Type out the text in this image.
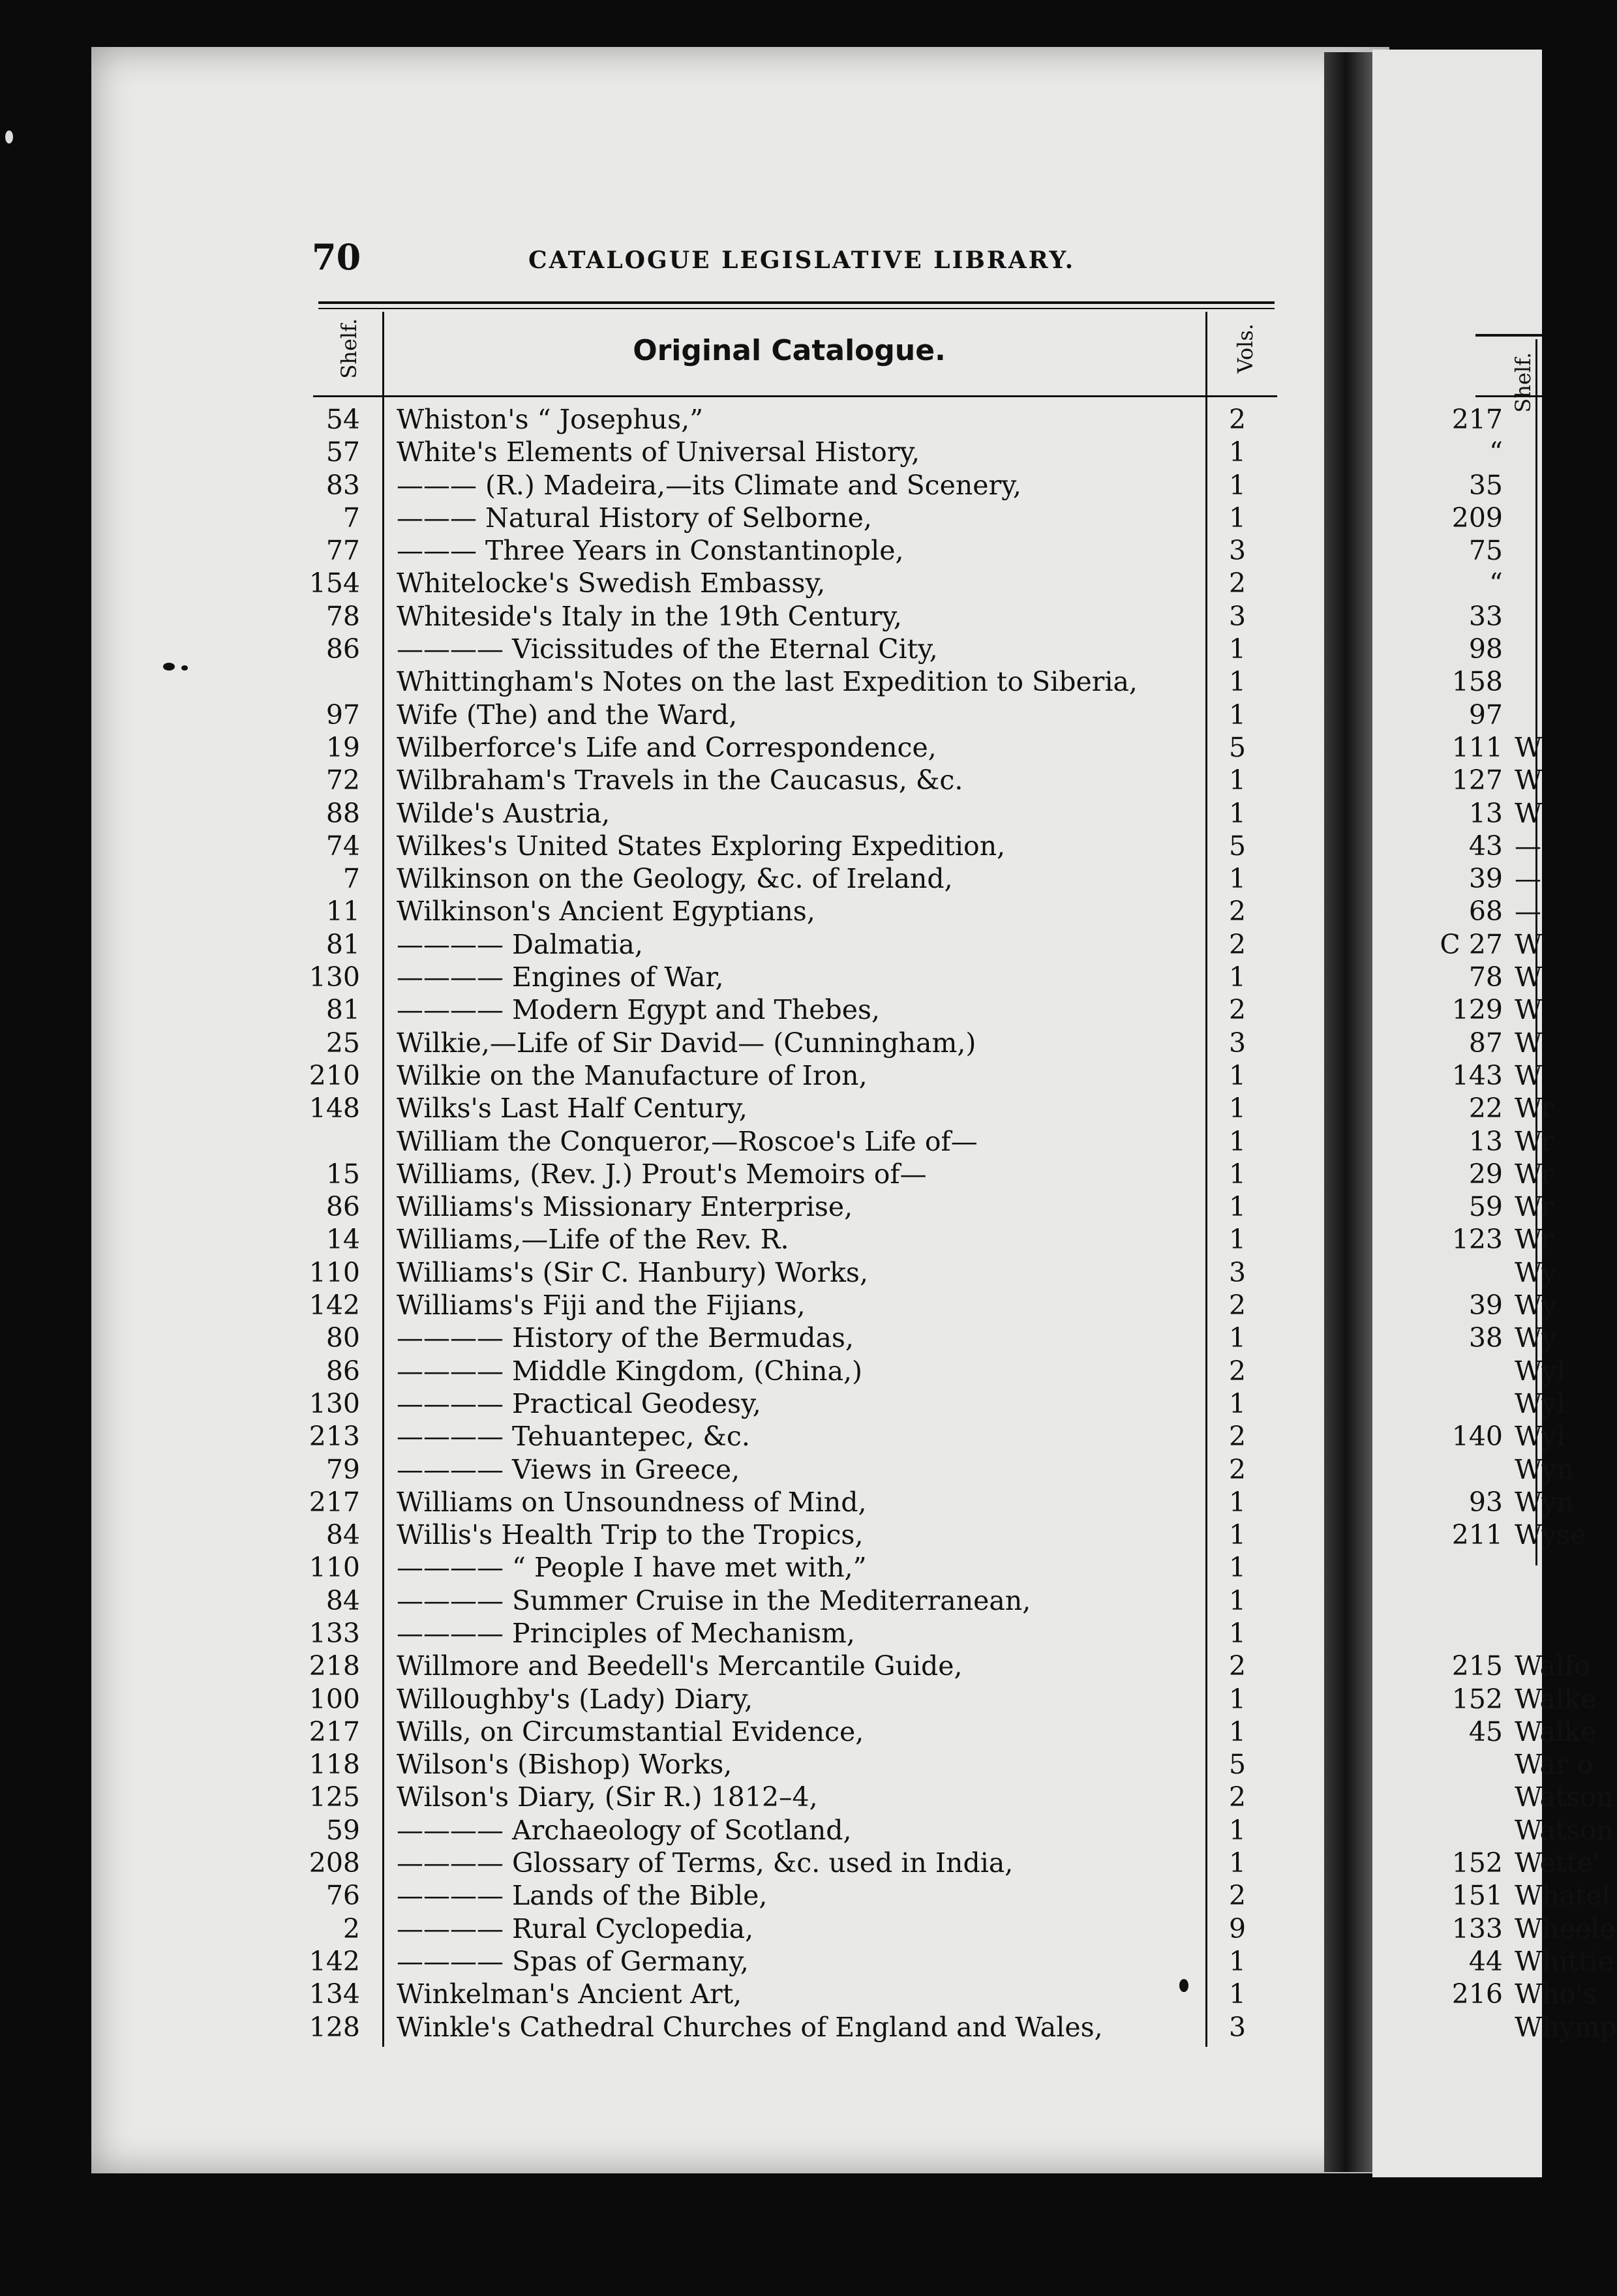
70	CATALOGUE LEGISLATIVE LIBRARY.
Shelf.	Original Catalogue.	Vols.
54 Whiston's “ Josephus,”	2
57 White's Elements of Universal History,	1
83 ——— (R.) Madeira,—its Climate and Scenery,	1
7 ——— Natural History of Selborne,	1
77 ——— Three Years in Constantinople,	3
154 Whitelocke's Swedish Embassy,	2
78 Whiteside's Italy in the 19th Century,	3
86 ———— Vicissitudes of the Eternal City,	1
Whittingham's Notes on the last Expedition to Siberia,	1
97 Wife (The) and the Ward,	1
19 Wilberforce's Life and Correspondence,	5
72 Wilbraham's Travels in the Caucasus, &c.	1
88 Wilde's Austria,	1
74 Wilkes's United States Exploring Expedition,	5
7 Wilkinson on the Geology, &c. of Ireland,	1
11 Wilkinson's Ancient Egyptians,	2
81 ———— Dalmatia,	2
130 ———— Engines of War,	1
81 ———— Modern Egypt and Thebes,	2
25 Wilkie,—Life of Sir David— (Cunningham,)	3
210 Wilkie on the Manufacture of Iron,	1
148 Wilks's Last Half Century,	1
William the Conqueror,—Roscoe's Life of—	1
15 Williams, (Rev. J.) Prout's Memoirs of—	1
86 Williams's Missionary Enterprise,	1
14 Williams,—Life of the Rev. R.	1
110 Williams's (Sir C. Hanbury) Works,	3
142 Williams's Fiji and the Fijians,	2
80 ———— History of the Bermudas,	1
86 ———— Middle Kingdom, (China,)	2
130 ———— Practical Geodesy,	1
213 ———— Tehuantepec, &c.	2
79 ———— Views in Greece,	2
217 Williams on Unsoundness of Mind,	1
84 Willis's Health Trip to the Tropics,	1
110 ———— “ People I have met with,”	1
84 ———— Summer Cruise in the Mediterranean,	1
133 ———— Principles of Mechanism,	1
218 Willmore and Beedell's Mercantile Guide,	2
100 Willoughby's (Lady) Diary,	1
217 Wills, on Circumstantial Evidence,	1
118 Wilson's (Bishop) Works,	5
125 Wilson's Diary, (Sir R.) 1812–4,	2
59 ———— Archaeology of Scotland,	1
208 ———— Glossary of Terms, &c. used in India,	1
76 ———— Lands of the Bible,	2
2 ———— Rural Cyclopedia,	9
142 ———— Spas of Germany,	1
134 Winkelman's Ancient Art,	1
128 Winkle's Cathedral Churches of England and Wales,	3
Shelf.
217
“
35
209
75
“
33
98
158
97
111 W
127 W
13 W
43 —
39 —
68 —
C 27 W
78 W
129 W
87 W
143 W
22 Wr
13 Wr
29 Wr
59 Wr
123 Wr
Wy
39 Wy
38 Wy
Wyl
Wyl
140 Wyl
Wyn
93 Wyn
211 Wyse
215 Walfo
152 Walke
45 Walke
War o
Watson
Watson
152 Wette'
151 Whatel
133 Wheele
44 Whittie
216 Who's
Whymp
